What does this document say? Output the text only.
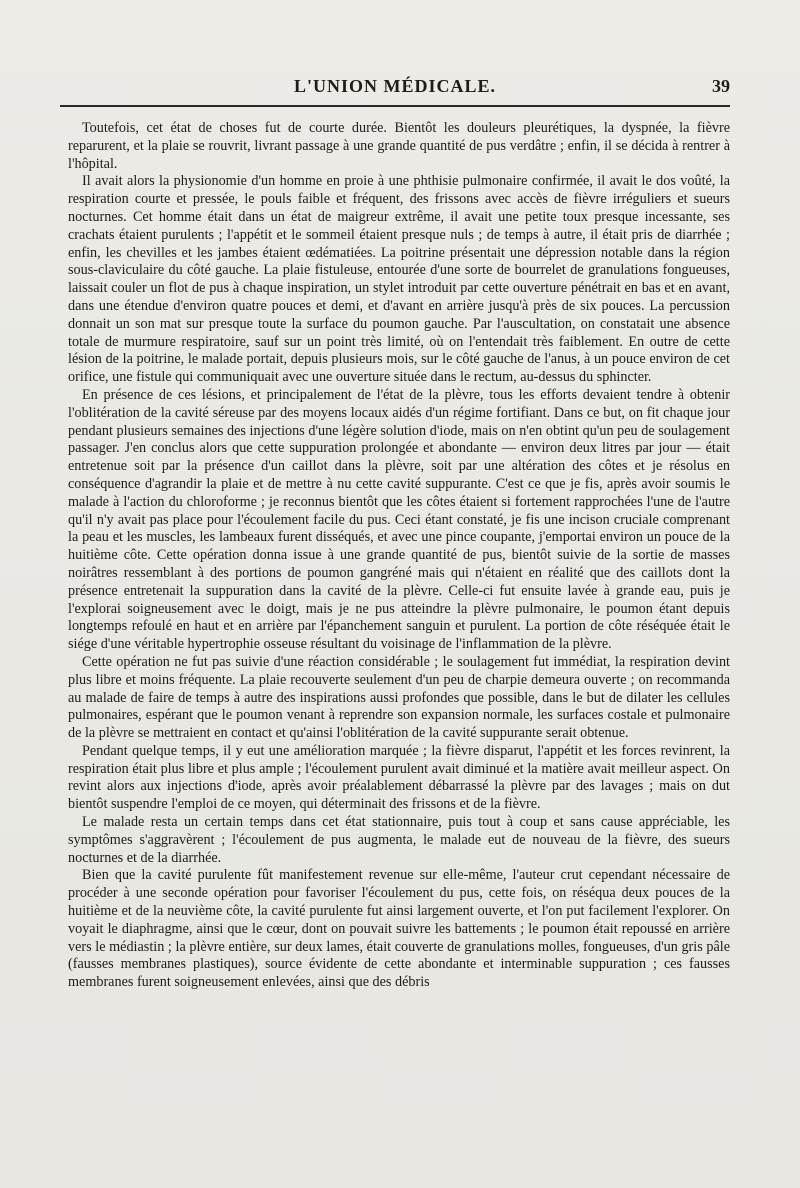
L'UNION MÉDICALE.	39

Toutefois, cet état de choses fut de courte durée. Bientôt les douleurs pleurétiques, la dyspnée, la fièvre reparurent, et la plaie se rouvrit, livrant passage à une grande quantité de pus verdâtre ; enfin, il se décida à rentrer à l'hôpital.

Il avait alors la physionomie d'un homme en proie à une phthisie pulmonaire confirmée, il avait le dos voûté, la respiration courte et pressée, le pouls faible et fréquent, des frissons avec accès de fièvre irréguliers et sueurs nocturnes. Cet homme était dans un état de maigreur extrême, il avait une petite toux presque incessante, ses crachats étaient purulents ; l'appétit et le sommeil étaient presque nuls ; de temps à autre, il était pris de diarrhée ; enfin, les chevilles et les jambes étaient œdématiées. La poitrine présentait une dépression notable dans la région sous-claviculaire du côté gauche. La plaie fistuleuse, entourée d'une sorte de bourrelet de granulations fongueuses, laissait couler un flot de pus à chaque inspiration, un stylet introduit par cette ouverture pénétrait en bas et en avant, dans une étendue d'environ quatre pouces et demi, et d'avant en arrière jusqu'à près de six pouces. La percussion donnait un son mat sur presque toute la surface du poumon gauche. Par l'auscultation, on constatait une absence totale de murmure respiratoire, sauf sur un point très limité, où on l'entendait très faiblement. En outre de cette lésion de la poitrine, le malade portait, depuis plusieurs mois, sur le côté gauche de l'anus, à un pouce environ de cet orifice, une fistule qui communiquait avec une ouverture située dans le rectum, au-dessus du sphincter.

En présence de ces lésions, et principalement de l'état de la plèvre, tous les efforts devaient tendre à obtenir l'oblitération de la cavité séreuse par des moyens locaux aidés d'un régime fortifiant. Dans ce but, on fit chaque jour pendant plusieurs semaines des injections d'une légère solution d'iode, mais on n'en obtint qu'un peu de soulagement passager. J'en conclus alors que cette suppuration prolongée et abondante — environ deux litres par jour — était entretenue soit par la présence d'un caillot dans la plèvre, soit par une altération des côtes et je résolus en conséquence d'agrandir la plaie et de mettre à nu cette cavité suppurante. C'est ce que je fis, après avoir soumis le malade à l'action du chloroforme ; je reconnus bientôt que les côtes étaient si fortement rapprochées l'une de l'autre qu'il n'y avait pas place pour l'écoulement facile du pus. Ceci étant constaté, je fis une incison cruciale comprenant la peau et les muscles, les lambeaux furent disséqués, et avec une pince coupante, j'emportai environ un pouce de la huitième côte. Cette opération donna issue à une grande quantité de pus, bientôt suivie de la sortie de masses noirâtres ressemblant à des portions de poumon gangréné mais qui n'étaient en réalité que des caillots dont la présence entretenait la suppuration dans la cavité de la plèvre. Celle-ci fut ensuite lavée à grande eau, puis je l'explorai soigneusement avec le doigt, mais je ne pus atteindre la plèvre pulmonaire, le poumon étant depuis longtemps refoulé en haut et en arrière par l'épanchement sanguin et purulent. La portion de côte réséquée était le siége d'une véritable hypertrophie osseuse résultant du voisinage de l'inflammation de la plèvre.

Cette opération ne fut pas suivie d'une réaction considérable ; le soulagement fut immédiat, la respiration devint plus libre et moins fréquente. La plaie recouverte seulement d'un peu de charpie demeura ouverte ; on recommanda au malade de faire de temps à autre des inspirations aussi profondes que possible, dans le but de dilater les cellules pulmonaires, espérant que le poumon venant à reprendre son expansion normale, les surfaces costale et pulmonaire de la plèvre se mettraient en contact et qu'ainsi l'oblitération de la cavité suppurante serait obtenue.

Pendant quelque temps, il y eut une amélioration marquée ; la fièvre disparut, l'appétit et les forces revinrent, la respiration était plus libre et plus ample ; l'écoulement purulent avait diminué et la matière avait meilleur aspect. On revint alors aux injections d'iode, après avoir préalablement débarrassé la plèvre par des lavages ; mais on dut bientôt suspendre l'emploi de ce moyen, qui déterminait des frissons et de la fièvre.

Le malade resta un certain temps dans cet état stationnaire, puis tout à coup et sans cause appréciable, les symptômes s'aggravèrent ; l'écoulement de pus augmenta, le malade eut de nouveau de la fièvre, des sueurs nocturnes et de la diarrhée.

Bien que la cavité purulente fût manifestement revenue sur elle-même, l'auteur crut cependant nécessaire de procéder à une seconde opération pour favoriser l'écoulement du pus, cette fois, on réséqua deux pouces de la huitième et de la neuvième côte, la cavité purulente fut ainsi largement ouverte, et l'on put facilement l'explorer. On voyait le diaphragme, ainsi que le cœur, dont on pouvait suivre les battements ; le poumon était repoussé en arrière vers le médiastin ; la plèvre entière, sur deux lames, était couverte de granulations molles, fongueuses, d'un gris pâle (fausses membranes plastiques), source évidente de cette abondante et interminable suppuration ; ces fausses membranes furent soigneusement enlevées, ainsi que des débris
